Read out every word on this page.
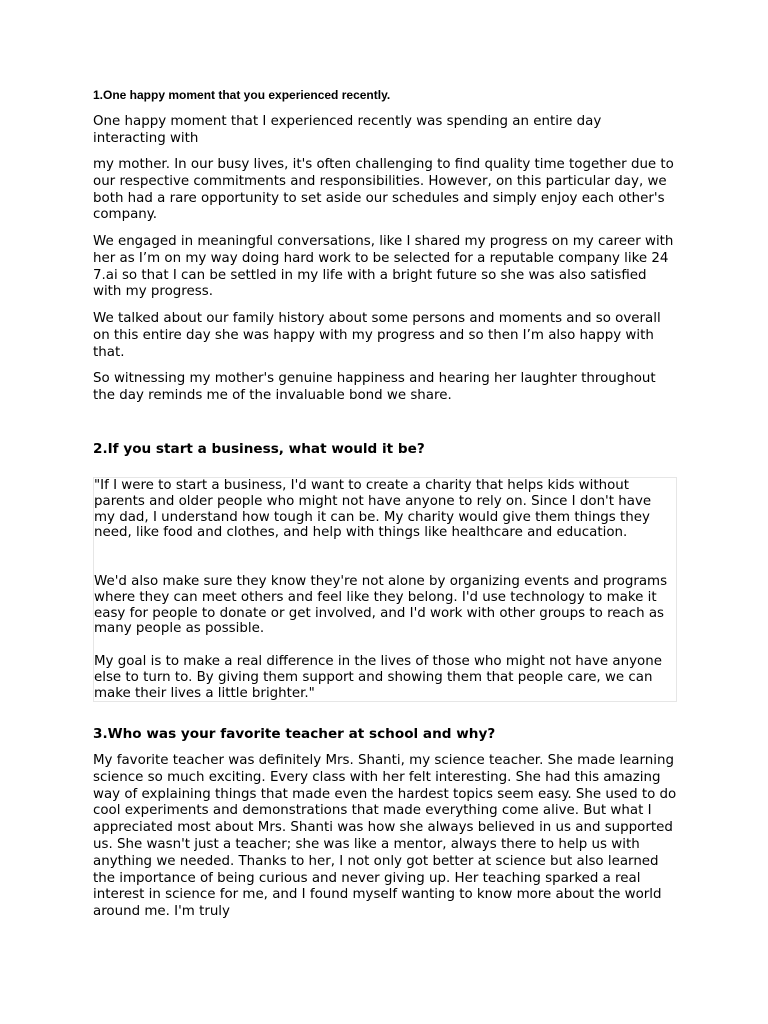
1.One happy moment that you experienced recently.

One happy moment that I experienced recently was spending an entire day interacting with

my mother. In our busy lives, it's often challenging to find quality time together due to our respective commitments and responsibilities. However, on this particular day, we both had a rare opportunity to set aside our schedules and simply enjoy each other's company.

We engaged in meaningful conversations, like I shared my progress on my career with her as I’m on my way doing hard work to be selected for a reputable company like 24 7.ai so that I can be settled in my life with a bright future so she was also satisfied with my progress.

We talked about our family history about some persons and moments and so overall on this entire day she was happy with my progress and so then I’m also happy with that.

So witnessing my mother's genuine happiness and hearing her laughter throughout the day reminds me of the invaluable bond we share.

2.If you start a business, what would it be?

"If I were to start a business, I'd want to create a charity that helps kids without parents and older people who might not have anyone to rely on. Since I don't have my dad, I understand how tough it can be. My charity would give them things they need, like food and clothes, and help with things like healthcare and education.

We'd also make sure they know they're not alone by organizing events and programs where they can meet others and feel like they belong. I'd use technology to make it easy for people to donate or get involved, and I'd work with other groups to reach as many people as possible.

My goal is to make a real difference in the lives of those who might not have anyone else to turn to. By giving them support and showing them that people care, we can make their lives a little brighter."

3.Who was your favorite teacher at school and why?

My favorite teacher was definitely Mrs. Shanti, my science teacher. She made learning science so much exciting. Every class with her felt interesting. She had this amazing way of explaining things that made even the hardest topics seem easy. She used to do cool experiments and demonstrations that made everything come alive. But what I appreciated most about Mrs. Shanti was how she always believed in us and supported us. She wasn't just a teacher; she was like a mentor, always there to help us with anything we needed. Thanks to her, I not only got better at science but also learned the importance of being curious and never giving up. Her teaching sparked a real interest in science for me, and I found myself wanting to know more about the world around me. I'm truly
